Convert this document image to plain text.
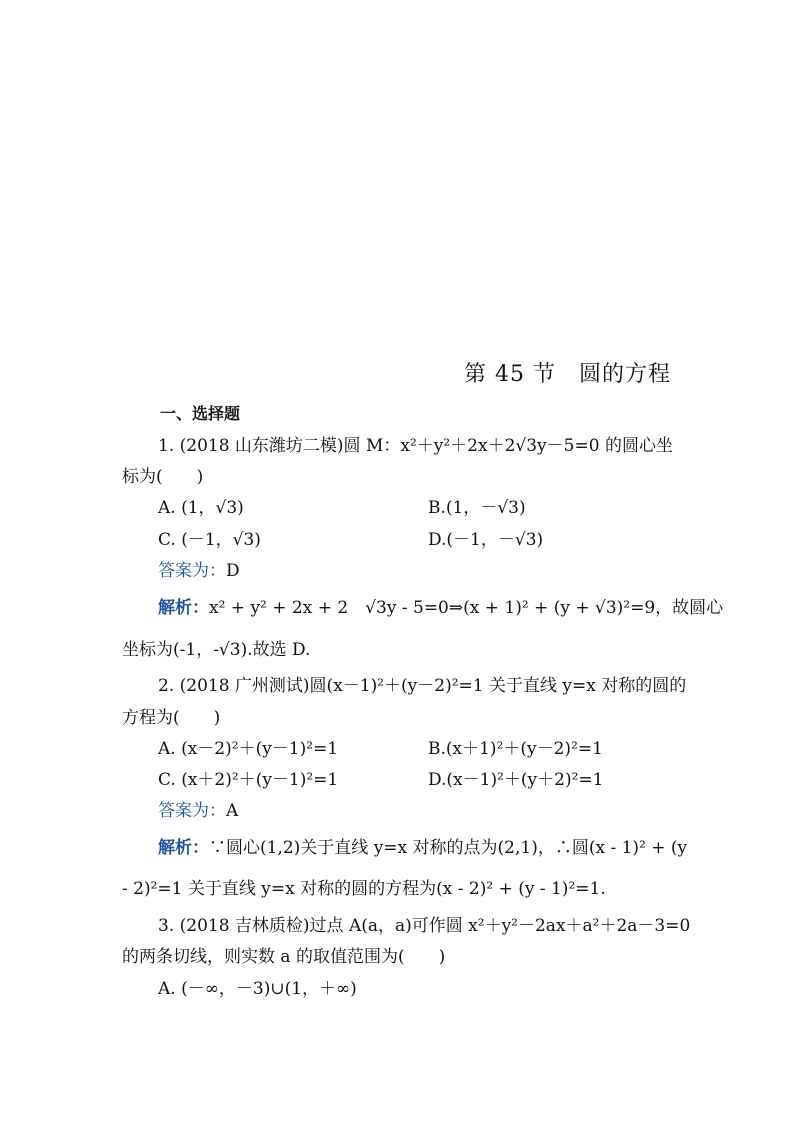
第 45 节　圆的方程
一、选择题
1. (2018 山东潍坊二模)圆 M：x²＋y²＋2x＋2√3y－5=0 的圆心坐
标为(　　)
A. (1，√3)	B.(1，－√3)
C. (－1，√3)	D.(－1，－√3)
答案为：D
解析：x² + y² + 2x + 2　√3y ‐ 5=0⇒(x + 1)² + (y + √3)²=9，故圆心
坐标为(‐1，‐√3).故选 D.
2. (2018 广州测试)圆(x－1)²＋(y－2)²=1 关于直线 y=x 对称的圆的
方程为(　　)
A. (x－2)²＋(y－1)²=1	B.(x＋1)²＋(y－2)²=1
C. (x＋2)²＋(y－1)²=1	D.(x－1)²＋(y＋2)²=1
答案为：A
解析：∵圆心(1,2)关于直线 y=x 对称的点为(2,1)，∴圆(x ‐ 1)² + (y
‐ 2)²=1 关于直线 y=x 对称的圆的方程为(x ‐ 2)² + (y ‐ 1)²=1.
3. (2018 吉林质检)过点 A(a，a)可作圆 x²＋y²－2ax＋a²＋2a－3=0
的两条切线，则实数 a 的取值范围为(　　)
A. (－∞，－3)∪(1，＋∞)
